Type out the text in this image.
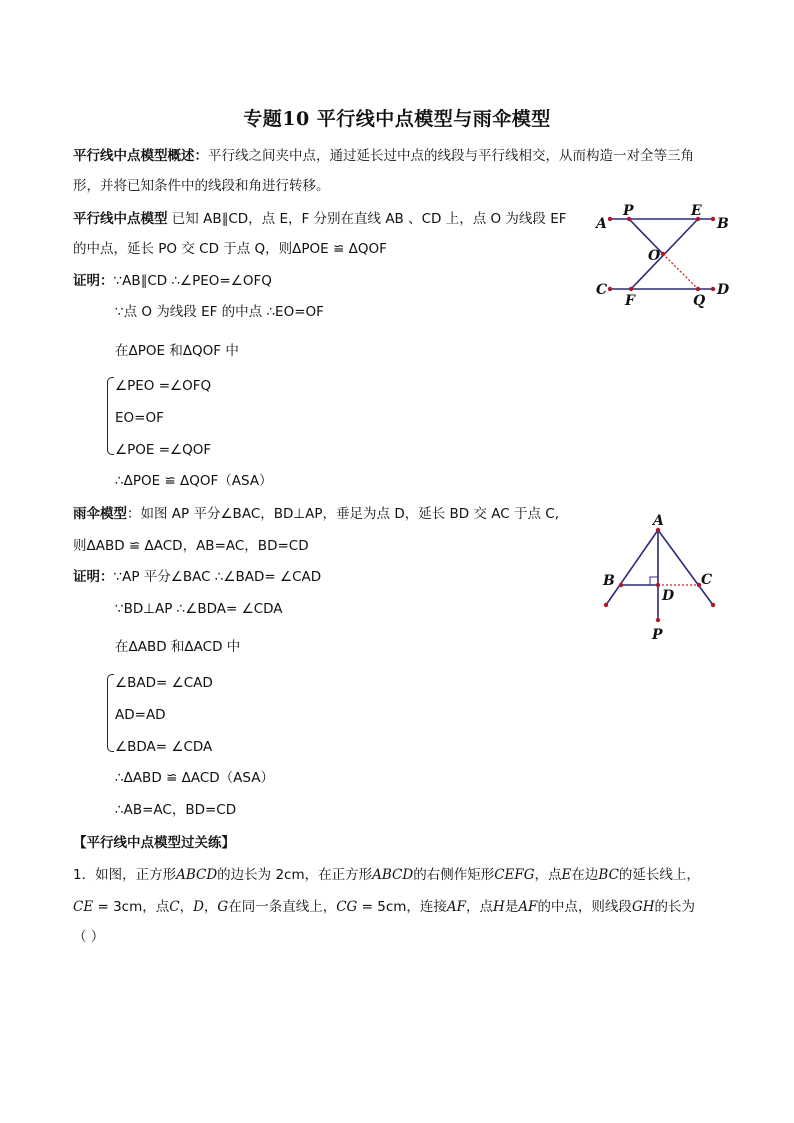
专题10 平行线中点模型与雨伞模型
平行线中点模型概述：平行线之间夹中点，通过延长过中点的线段与平行线相交，从而构造一对全等三角
形，并将已知条件中的线段和角进行转移。
平行线中点模型 已知 AB∥CD，点 E，F 分别在直线 AB 、CD 上，点 O 为线段 EF
的中点，延长 PO 交 CD 于点 Q，则ΔPOE ≌ ΔQOF
证明：∵AB∥CD ∴∠PEO=∠OFQ
∵点 O 为线段 EF 的中点 ∴EO=OF
在ΔPOE 和ΔQOF 中
∠PEO =∠OFQ
EO=OF
∠POE =∠QOF
∴ΔPOE ≌ ΔQOF（ASA）
雨伞模型：如图 AP 平分∠BAC，BD⊥AP，垂足为点 D，延长 BD 交 AC 于点 C,
则ΔABD ≌ ΔACD，AB=AC，BD=CD
证明：∵AP 平分∠BAC ∴∠BAD= ∠CAD
∵BD⊥AP ∴∠BDA= ∠CDA
在ΔABD 和ΔACD 中
∠BAD= ∠CAD
AD=AD
∠BDA= ∠CDA
∴ΔABD ≌ ΔACD（ASA）
∴AB=AC，BD=CD
【平行线中点模型过关练】
1．如图，正方形ABCD的边长为 2cm，在正方形ABCD的右侧作矩形CEFG，点E在边BC的延长线上，
CE = 3cm，点C，D，G在同一条直线上，CG = 5cm，连接AF，点H是AF的中点，则线段GH的长为
（ ）
A
P	E
B
O
C
F	Q
D
A
B	C
D
P
